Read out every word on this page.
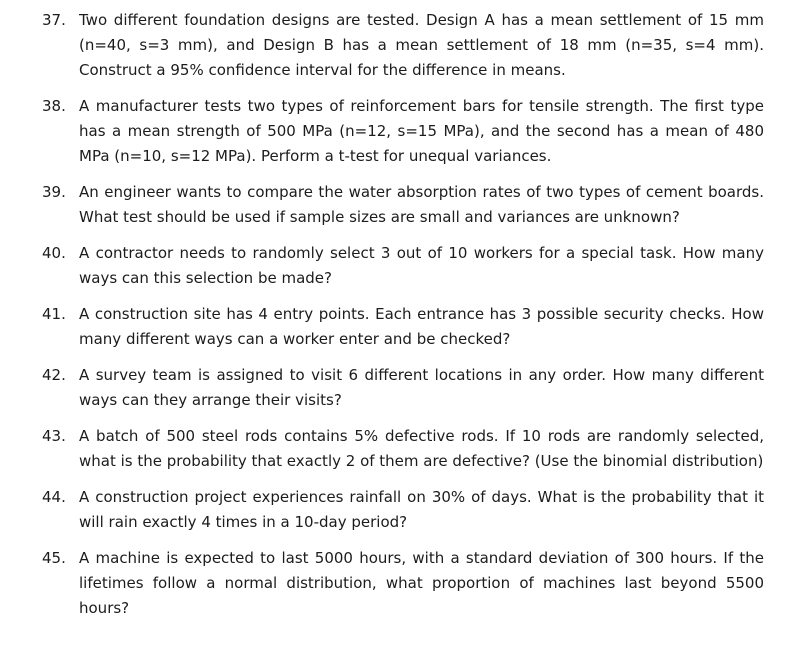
37. Two different foundation designs are tested. Design A has a mean settlement of 15 mm (n=40, s=3 mm), and Design B has a mean settlement of 18 mm (n=35, s=4 mm). Construct a 95% confidence interval for the difference in means.
38. A manufacturer tests two types of reinforcement bars for tensile strength. The first type has a mean strength of 500 MPa (n=12, s=15 MPa), and the second has a mean of 480 MPa (n=10, s=12 MPa). Perform a t-test for unequal variances.
39. An engineer wants to compare the water absorption rates of two types of cement boards. What test should be used if sample sizes are small and variances are unknown?
40. A contractor needs to randomly select 3 out of 10 workers for a special task. How many ways can this selection be made?
41. A construction site has 4 entry points. Each entrance has 3 possible security checks. How many different ways can a worker enter and be checked?
42. A survey team is assigned to visit 6 different locations in any order. How many different ways can they arrange their visits?
43. A batch of 500 steel rods contains 5% defective rods. If 10 rods are randomly selected, what is the probability that exactly 2 of them are defective? (Use the binomial distribution)
44. A construction project experiences rainfall on 30% of days. What is the probability that it will rain exactly 4 times in a 10-day period?
45. A machine is expected to last 5000 hours, with a standard deviation of 300 hours. If the lifetimes follow a normal distribution, what proportion of machines last beyond 5500 hours?
